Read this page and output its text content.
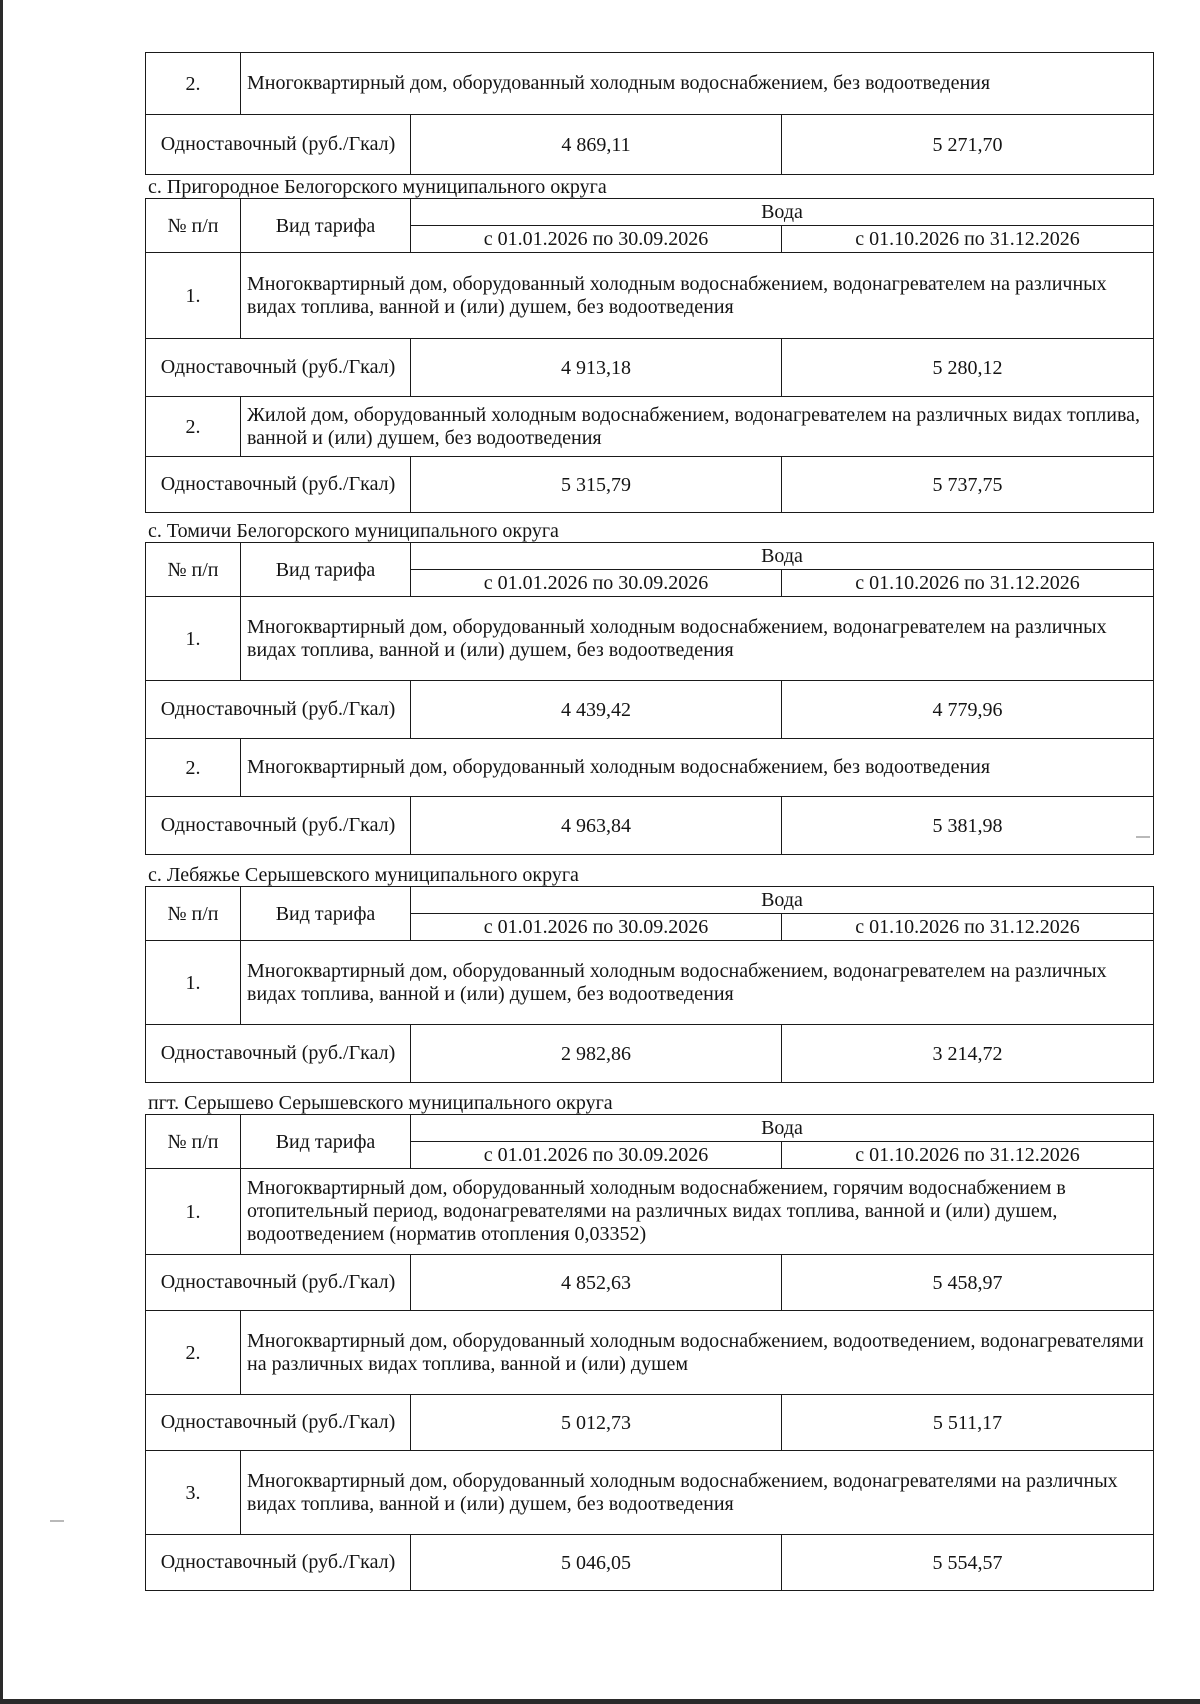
2.	Многоквартирный дом, оборудованный холодным водоснабжением, без водоотведения		
Одноставочный (руб./Гкал)		4 869,11	5 271,70
с. Пригородное Белогорского муниципального округа
№ п/п	Вид тарифа	Вода	
		с 01.01.2026 по 30.09.2026	с 01.10.2026 по 31.12.2026
1.	Многоквартирный дом, оборудованный холодным водоснабжением, водонагревателем на различных видах топлива, ванной и (или) душем, без водоотведения		
Одноставочный (руб./Гкал)		4 913,18	5 280,12
2.	Жилой дом, оборудованный холодным водоснабжением, водонагревателем на различных видах топлива, ванной и (или) душем, без водоотведения		
Одноставочный (руб./Гкал)		5 315,79	5 737,75
с. Томичи Белогорского муниципального округа
№ п/п	Вид тарифа	Вода	
		с 01.01.2026 по 30.09.2026	с 01.10.2026 по 31.12.2026
1.	Многоквартирный дом, оборудованный холодным водоснабжением, водонагревателем на различных видах топлива, ванной и (или) душем, без водоотведения		
Одноставочный (руб./Гкал)		4 439,42	4 779,96
2.	Многоквартирный дом, оборудованный холодным водоснабжением, без водоотведения		
Одноставочный (руб./Гкал)		4 963,84	5 381,98
с. Лебяжье Серышевского муниципального округа
№ п/п	Вид тарифа	Вода	
		с 01.01.2026 по 30.09.2026	с 01.10.2026 по 31.12.2026
1.	Многоквартирный дом, оборудованный холодным водоснабжением, водонагревателем на различных видах топлива, ванной и (или) душем, без водоотведения		
Одноставочный (руб./Гкал)		2 982,86	3 214,72
пгт. Серышево Серышевского муниципального округа
№ п/п	Вид тарифа	Вода	
		с 01.01.2026 по 30.09.2026	с 01.10.2026 по 31.12.2026
1.	Многоквартирный дом, оборудованный холодным водоснабжением, горячим водоснабжением в отопительный период, водонагревателями на различных видах топлива, ванной и (или) душем, водоотведением (норматив отопления 0,03352)		
Одноставочный (руб./Гкал)		4 852,63	5 458,97
2.	Многоквартирный дом, оборудованный холодным водоснабжением, водоотведением, водонагревателями на различных видах топлива, ванной и (или) душем		
Одноставочный (руб./Гкал)		5 012,73	5 511,17
3.	Многоквартирный дом, оборудованный холодным водоснабжением, водонагревателями на различных видах топлива, ванной и (или) душем, без водоотведения		
Одноставочный (руб./Гкал)		5 046,05	5 554,57
